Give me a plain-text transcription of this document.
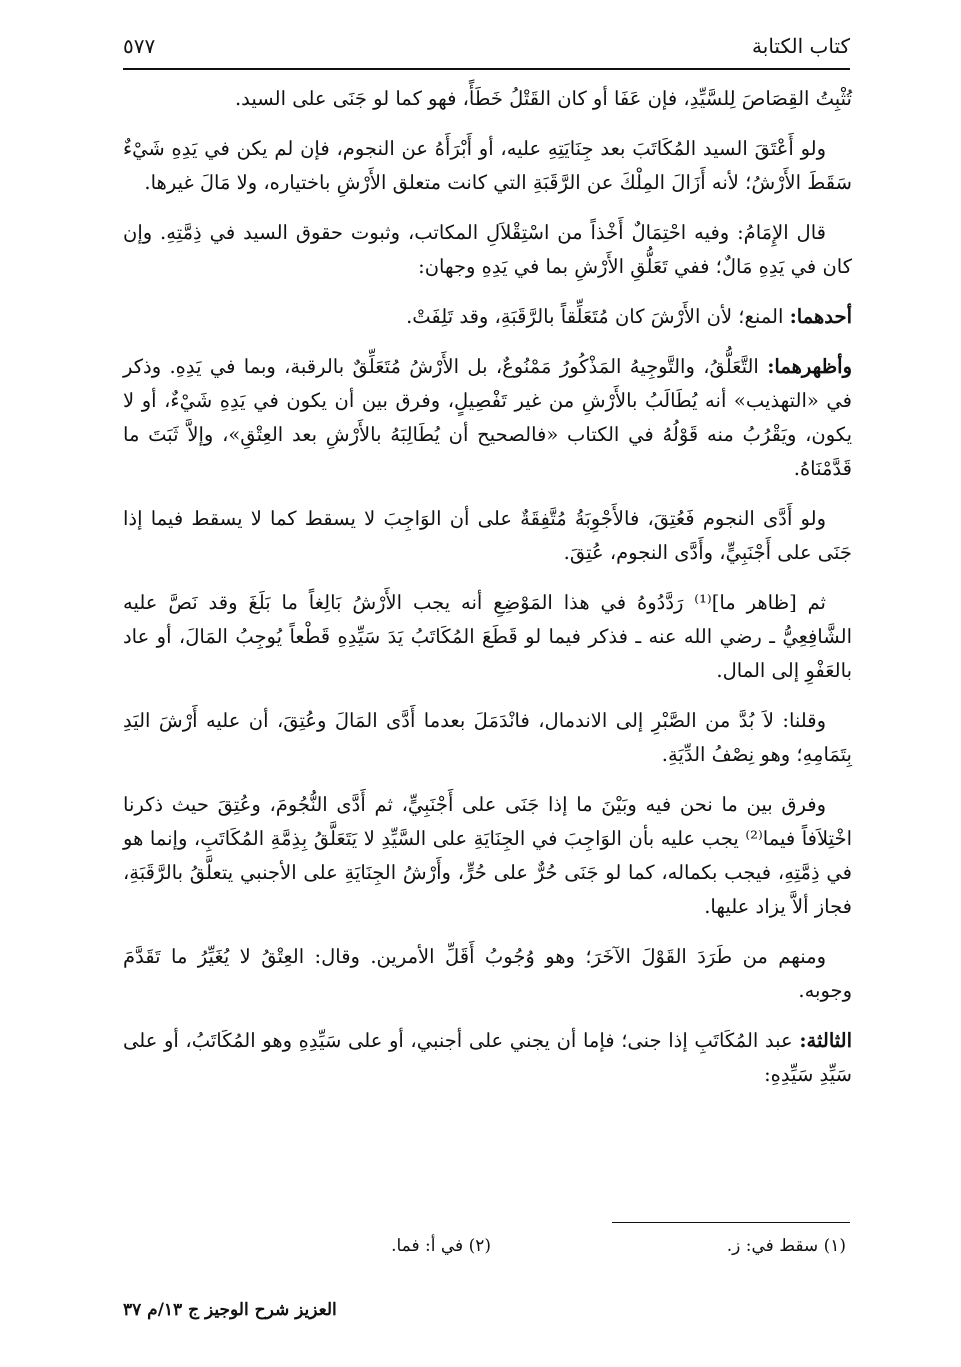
كتاب الكتابة
٥٧٧

تُثْبِتُ القِصَاصَ لِلسَّيِّدِ، فإن عَفَا أو كان القَتْلُ خَطَأً، فهو كما لو جَنَى على السيد.

ولو أَعْتَقَ السيد المُكَاتَبَ بعد جِنَايَتِهِ عليه، أو أَبْرَأَهُ عن النجوم، فإن لم يكن في يَدِهِ شَيْءٌ سَقَطَ الأَرْشُ؛ لأنه أَزَالَ المِلْكَ عن الرَّقَبَةِ التي كانت متعلق الأَرْشِ باختياره، ولا مَالَ غيرها.

قال الإِمَامُ: وفيه احْتِمَالٌ أَخْذاً من اسْتِقْلاَلِ المكاتب، وثبوت حقوق السيد في ذِمَّتِهِ. وإن كان في يَدِهِ مَالٌ؛ ففي تَعَلُّقِ الأَرْشِ بما في يَدِهِ وجهان:

أحدهما: المنع؛ لأن الأَرْشَ كان مُتَعَلِّقاً بالرَّقَبَةِ، وقد تَلِفَتْ.

وأظهرهما: التَّعَلُّقُ، والتَّوجِيهُ المَذْكُورُ مَمْنُوعٌ، بل الأَرْشُ مُتَعَلِّقٌ بالرقبة، وبما في يَدِهِ. وذكر في «التهذيب» أنه يُطَالَبُ بالأَرْشِ من غير تَفْصِيلٍ، وفرق بين أن يكون في يَدِهِ شَيْءٌ، أو لا يكون، ويَقْرُبُ منه قَوْلُهُ في الكتاب «فالصحيح أن يُطَالِبَهُ بالأَرْشِ بعد العِتْقِ»، وإلاَّ ثَبَتَ ما قَدَّمْنَاهُ.

ولو أَدَّى النجوم فَعُتِقَ، فالأَجْوِبَةُ مُتَّفِقَةٌ على أن الوَاجِبَ لا يسقط كما لا يسقط فيما إذا جَنَى على أَجْنَبِيٍّ، وأَدَّى النجوم، عُتِقَ.

ثم [ظاهر ما]⁽¹⁾ رَدَّدُوهُ في هذا المَوْضِعِ أنه يجب الأَرْشُ بَالِغاً ما بَلَغَ وقد نَصَّ عليه الشَّافِعِيُّ ـ رضي الله عنه ـ فذكر فيما لو قَطَعَ المُكَاتَبُ يَدَ سَيِّدِهِ قَطْعاً يُوجِبُ المَالَ، أو عاد بالعَفْوِ إلى المال.

وقلنا: لاَ بُدَّ من الصَّبْرِ إلى الاندمال، فانْدَمَلَ بعدما أَدَّى المَالَ وعُتِقَ، أن عليه أَرْشَ اليَدِ بِتَمَامِهِ؛ وهو نِصْفُ الدِّيَةِ.

وفرق بين ما نحن فيه وبَيْنَ ما إذا جَنَى على أَجْنَبِيٍّ، ثم أَدَّى النُّجُومَ، وعُتِقَ حيث ذكرنا اخْتِلاَفاً فيما⁽²⁾ يجب عليه بأن الوَاجِبَ في الجِنَايَةِ على السَّيِّدِ لا يَتَعَلَّقُ بِذِمَّةِ المُكَاتَبِ، وإنما هو في ذِمَّتِهِ، فيجب بكماله، كما لو جَنَى حُرٌّ على حُرٍّ، وأَرْشُ الجِنَايَةِ على الأجنبي يتعلَّقُ بالرَّقَبَةِ، فجاز ألاَّ يزاد عليها.

ومنهم من طَرَدَ القَوْلَ الآخَرَ؛ وهو وُجُوبُ أَقَلِّ الأمرين. وقال: العِتْقُ لا يُغَيِّرُ ما تَقَدَّمَ وجوبه.

الثالثة: عبد المُكَاتَبِ إذا جنى؛ فإما أن يجني على أجنبي، أو على سَيِّدِهِ وهو المُكَاتَبُ، أو على سَيِّدِ سَيِّدِهِ:

(١) سقط في: ز.
(٢) في أ: فما.
العزيز شرح الوجيز ج ١٣/م ٣٧
